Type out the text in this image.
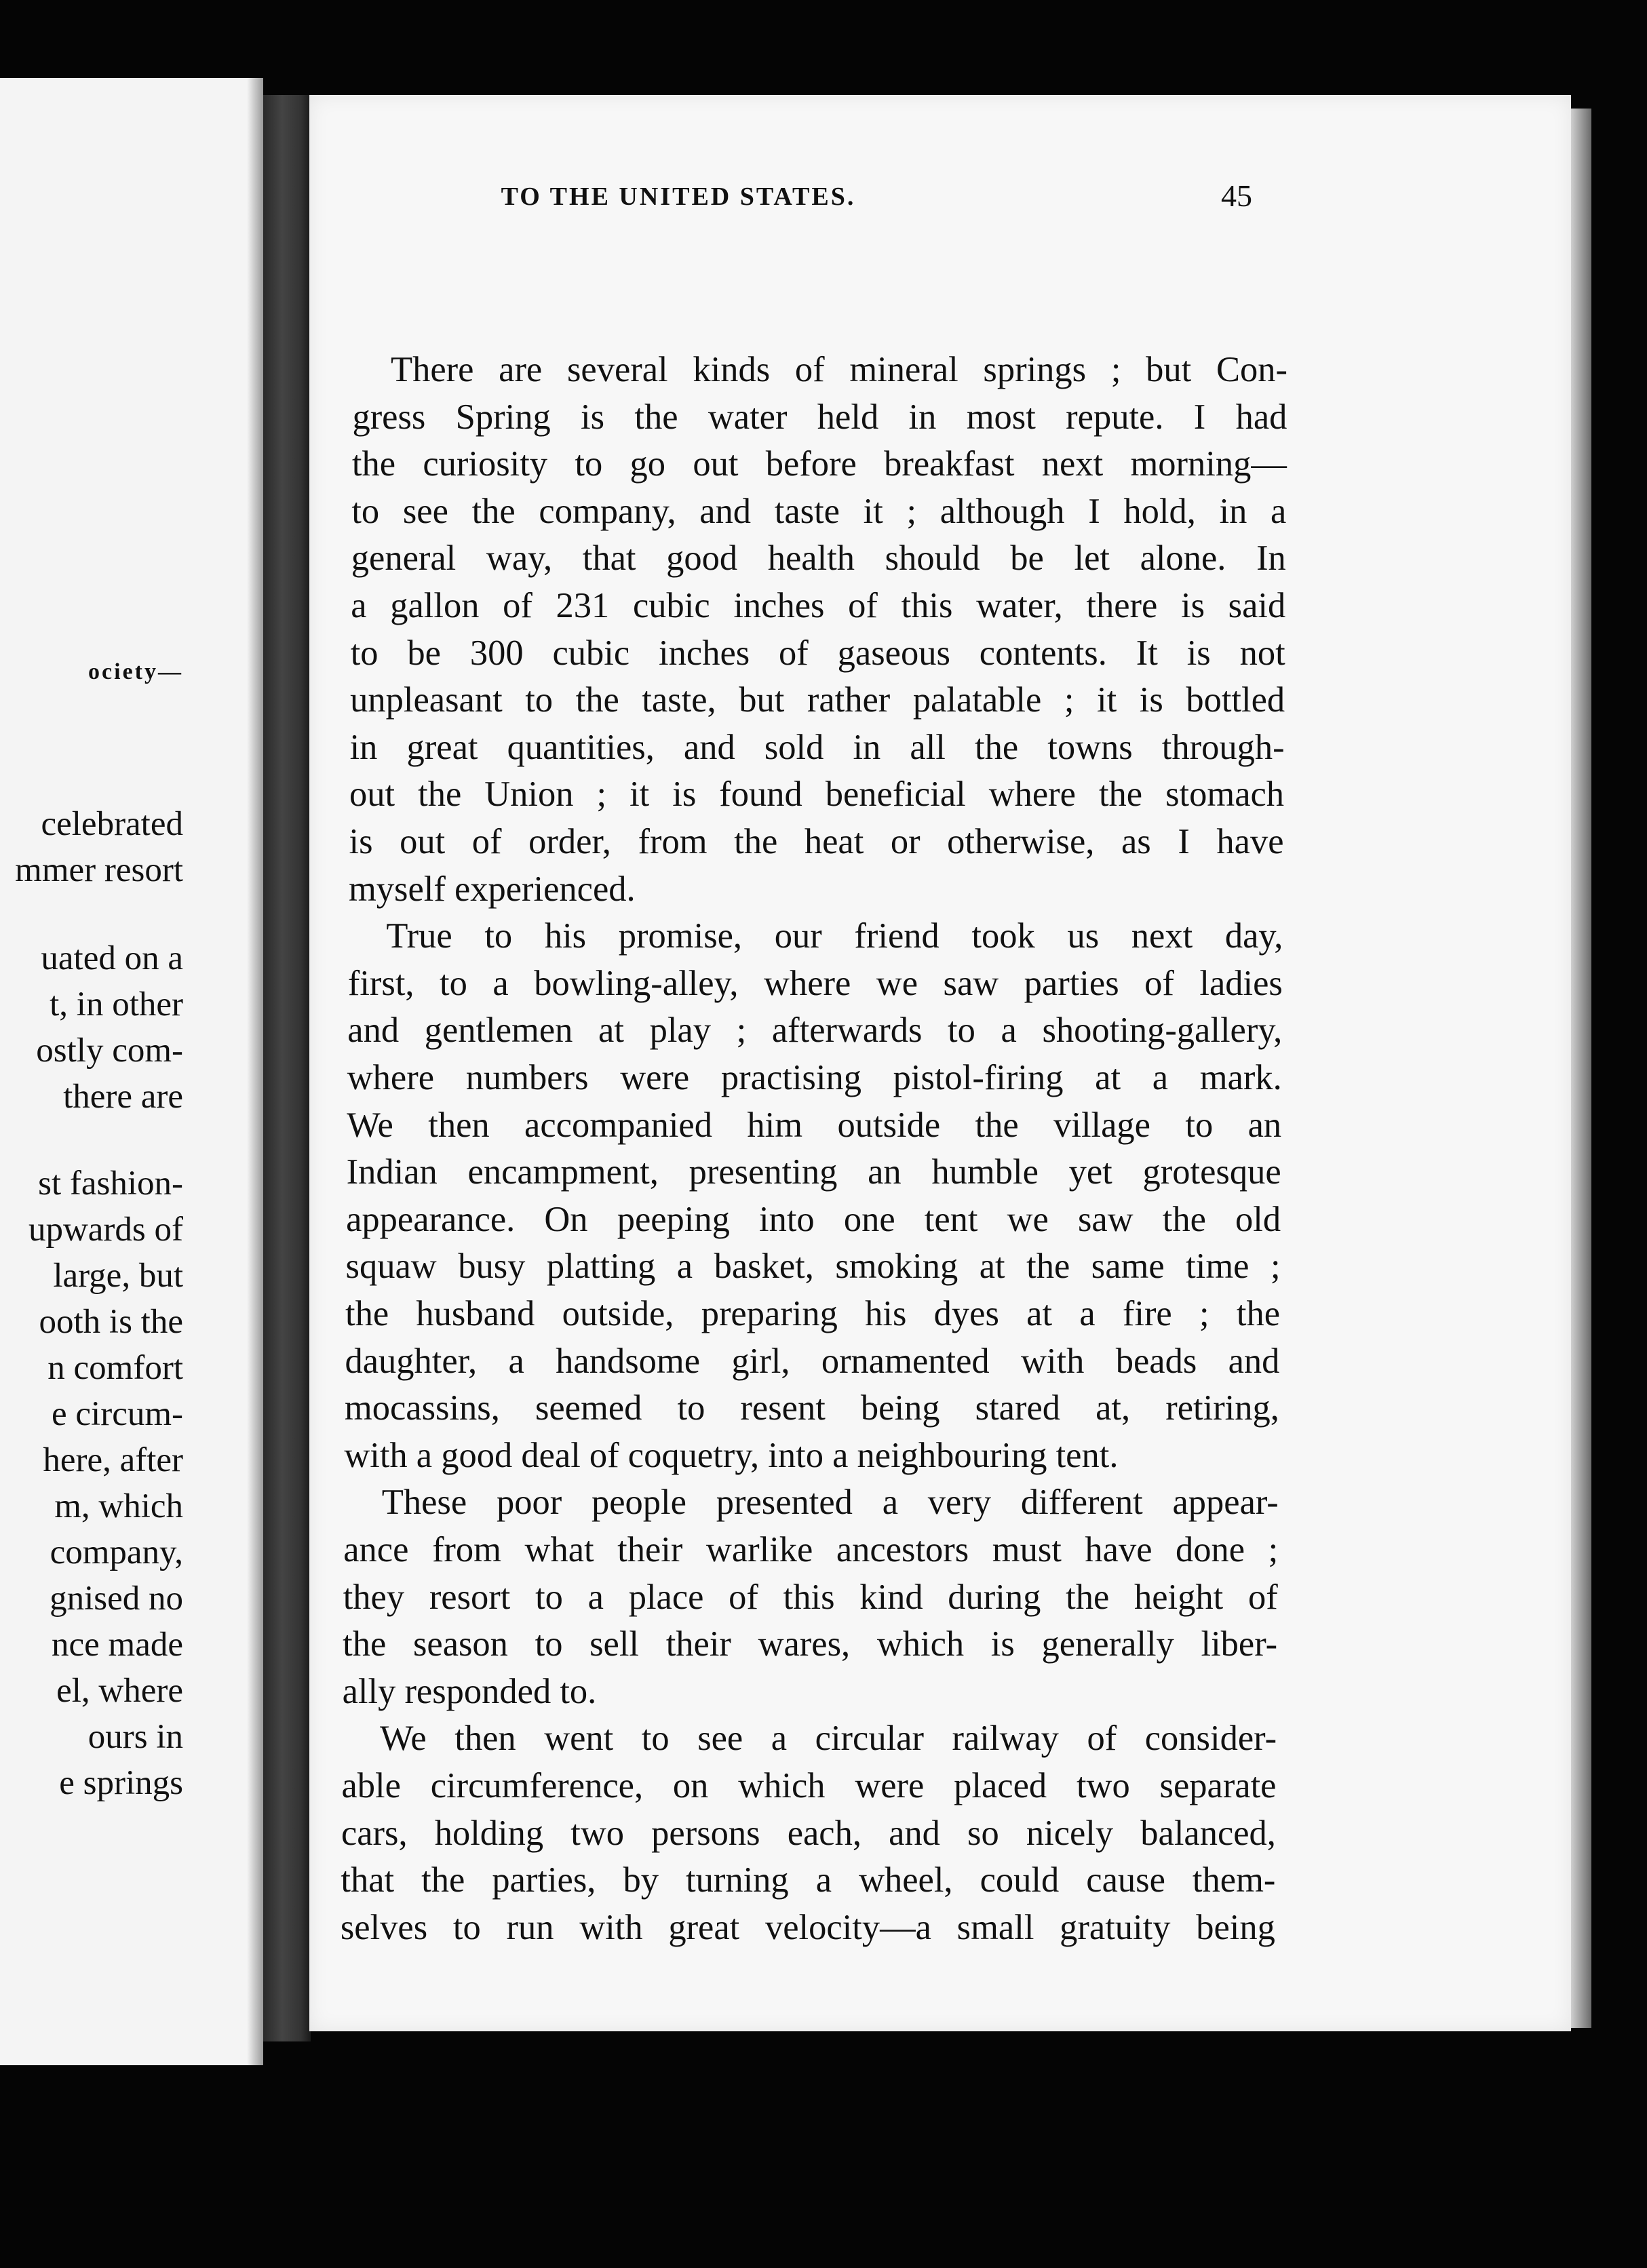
ociety—
celebrated
mmer resort
uated on a
t, in other
ostly com-
there are
st fashion-
upwards of
large, but
ooth is the
n comfort
e circum-
here, after
m, which
company,
gnised no
nce made
el, where
ours in
e springs
TO THE UNITED STATES.	45
There are several kinds of mineral springs ; but Con-
gress Spring is the water held in most repute. I had
the curiosity to go out before breakfast next morning—
to see the company, and taste it ; although I hold, in a
general way, that good health should be let alone. In
a gallon of 231 cubic inches of this water, there is said
to be 300 cubic inches of gaseous contents. It is not
unpleasant to the taste, but rather palatable ; it is bottled
in great quantities, and sold in all the towns through-
out the Union ; it is found beneficial where the stomach
is out of order, from the heat or otherwise, as I have
myself experienced.
True to his promise, our friend took us next day,
first, to a bowling-alley, where we saw parties of ladies
and gentlemen at play ; afterwards to a shooting-gallery,
where numbers were practising pistol-firing at a mark.
We then accompanied him outside the village to an
Indian encampment, presenting an humble yet grotesque
appearance. On peeping into one tent we saw the old
squaw busy platting a basket, smoking at the same time ;
the husband outside, preparing his dyes at a fire ; the
daughter, a handsome girl, ornamented with beads and
mocassins, seemed to resent being stared at, retiring,
with a good deal of coquetry, into a neighbouring tent.
These poor people presented a very different appear-
ance from what their warlike ancestors must have done ;
they resort to a place of this kind during the height of
the season to sell their wares, which is generally liber-
ally responded to.
We then went to see a circular railway of consider-
able circumference, on which were placed two separate
cars, holding two persons each, and so nicely balanced,
that the parties, by turning a wheel, could cause them-
selves to run with great velocity—a small gratuity being
